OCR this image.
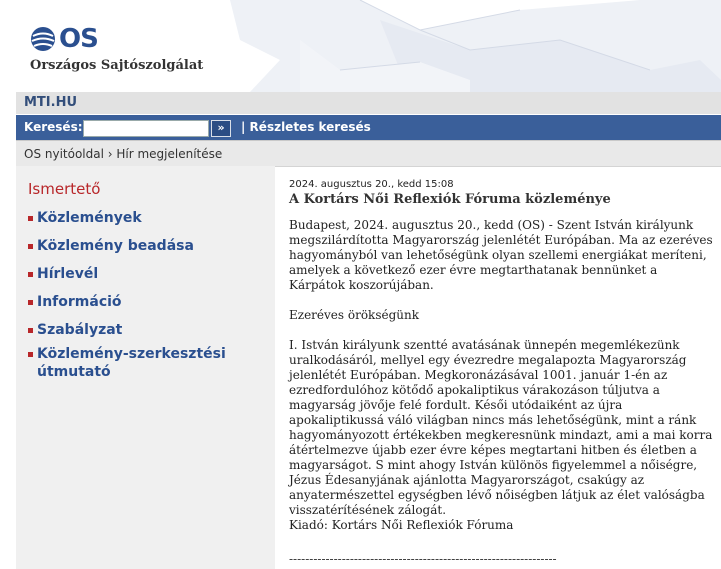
OS
Országos Sajtószolgálat
MTI.HU
Keresés:	»	| Részletes keresés
OS nyitóoldal › Hír megjelenítése
Ismertető
Közlemények
Közlemény beadása
Hírlevél
Információ
Szabályzat
Közlemény-szerkesztési útmutató
2024. augusztus 20., kedd 15:08
A Kortárs Női Reflexiók Fóruma közleménye
Budapest, 2024. augusztus 20., kedd (OS) - Szent István királyunk megszilárdította Magyarország jelenlétét Európában. Ma az ezeréves hagyományból van lehetőségünk olyan szellemi energiákat meríteni, amelyek a következő ezer évre megtarthatanak bennünket a Kárpátok koszorújában.

Ezeréves örökségünk

I. István királyunk szentté avatásának ünnepén megemlékezünk uralkodásáról, mellyel egy évezredre megalapozta Magyarország jelenlétét Európában. Megkoronázásával 1001. január 1-én az ezredfordulóhoz kötődő apokaliptikus várakozáson túljutva a magyarság jövője felé fordult. Késői utódaiként az újra apokaliptikussá váló világban nincs más lehetőségünk, mint a ránk hagyományozott értékekben megkeresnünk mindazt, ami a mai korra átértelmezve újabb ezer évre képes megtartani hitben és életben a magyarságot. S mint ahogy István különös figyelemmel a nőiségre, Jézus Édesanyjának ajánlotta Magyarországot, csakúgy az anyatermészettel egységben lévő nőiségben látjuk az élet valóságba visszatérítésének zálogát.
Kiadó: Kortárs Női Reflexiók Fóruma
------------------------------------------------------------------
